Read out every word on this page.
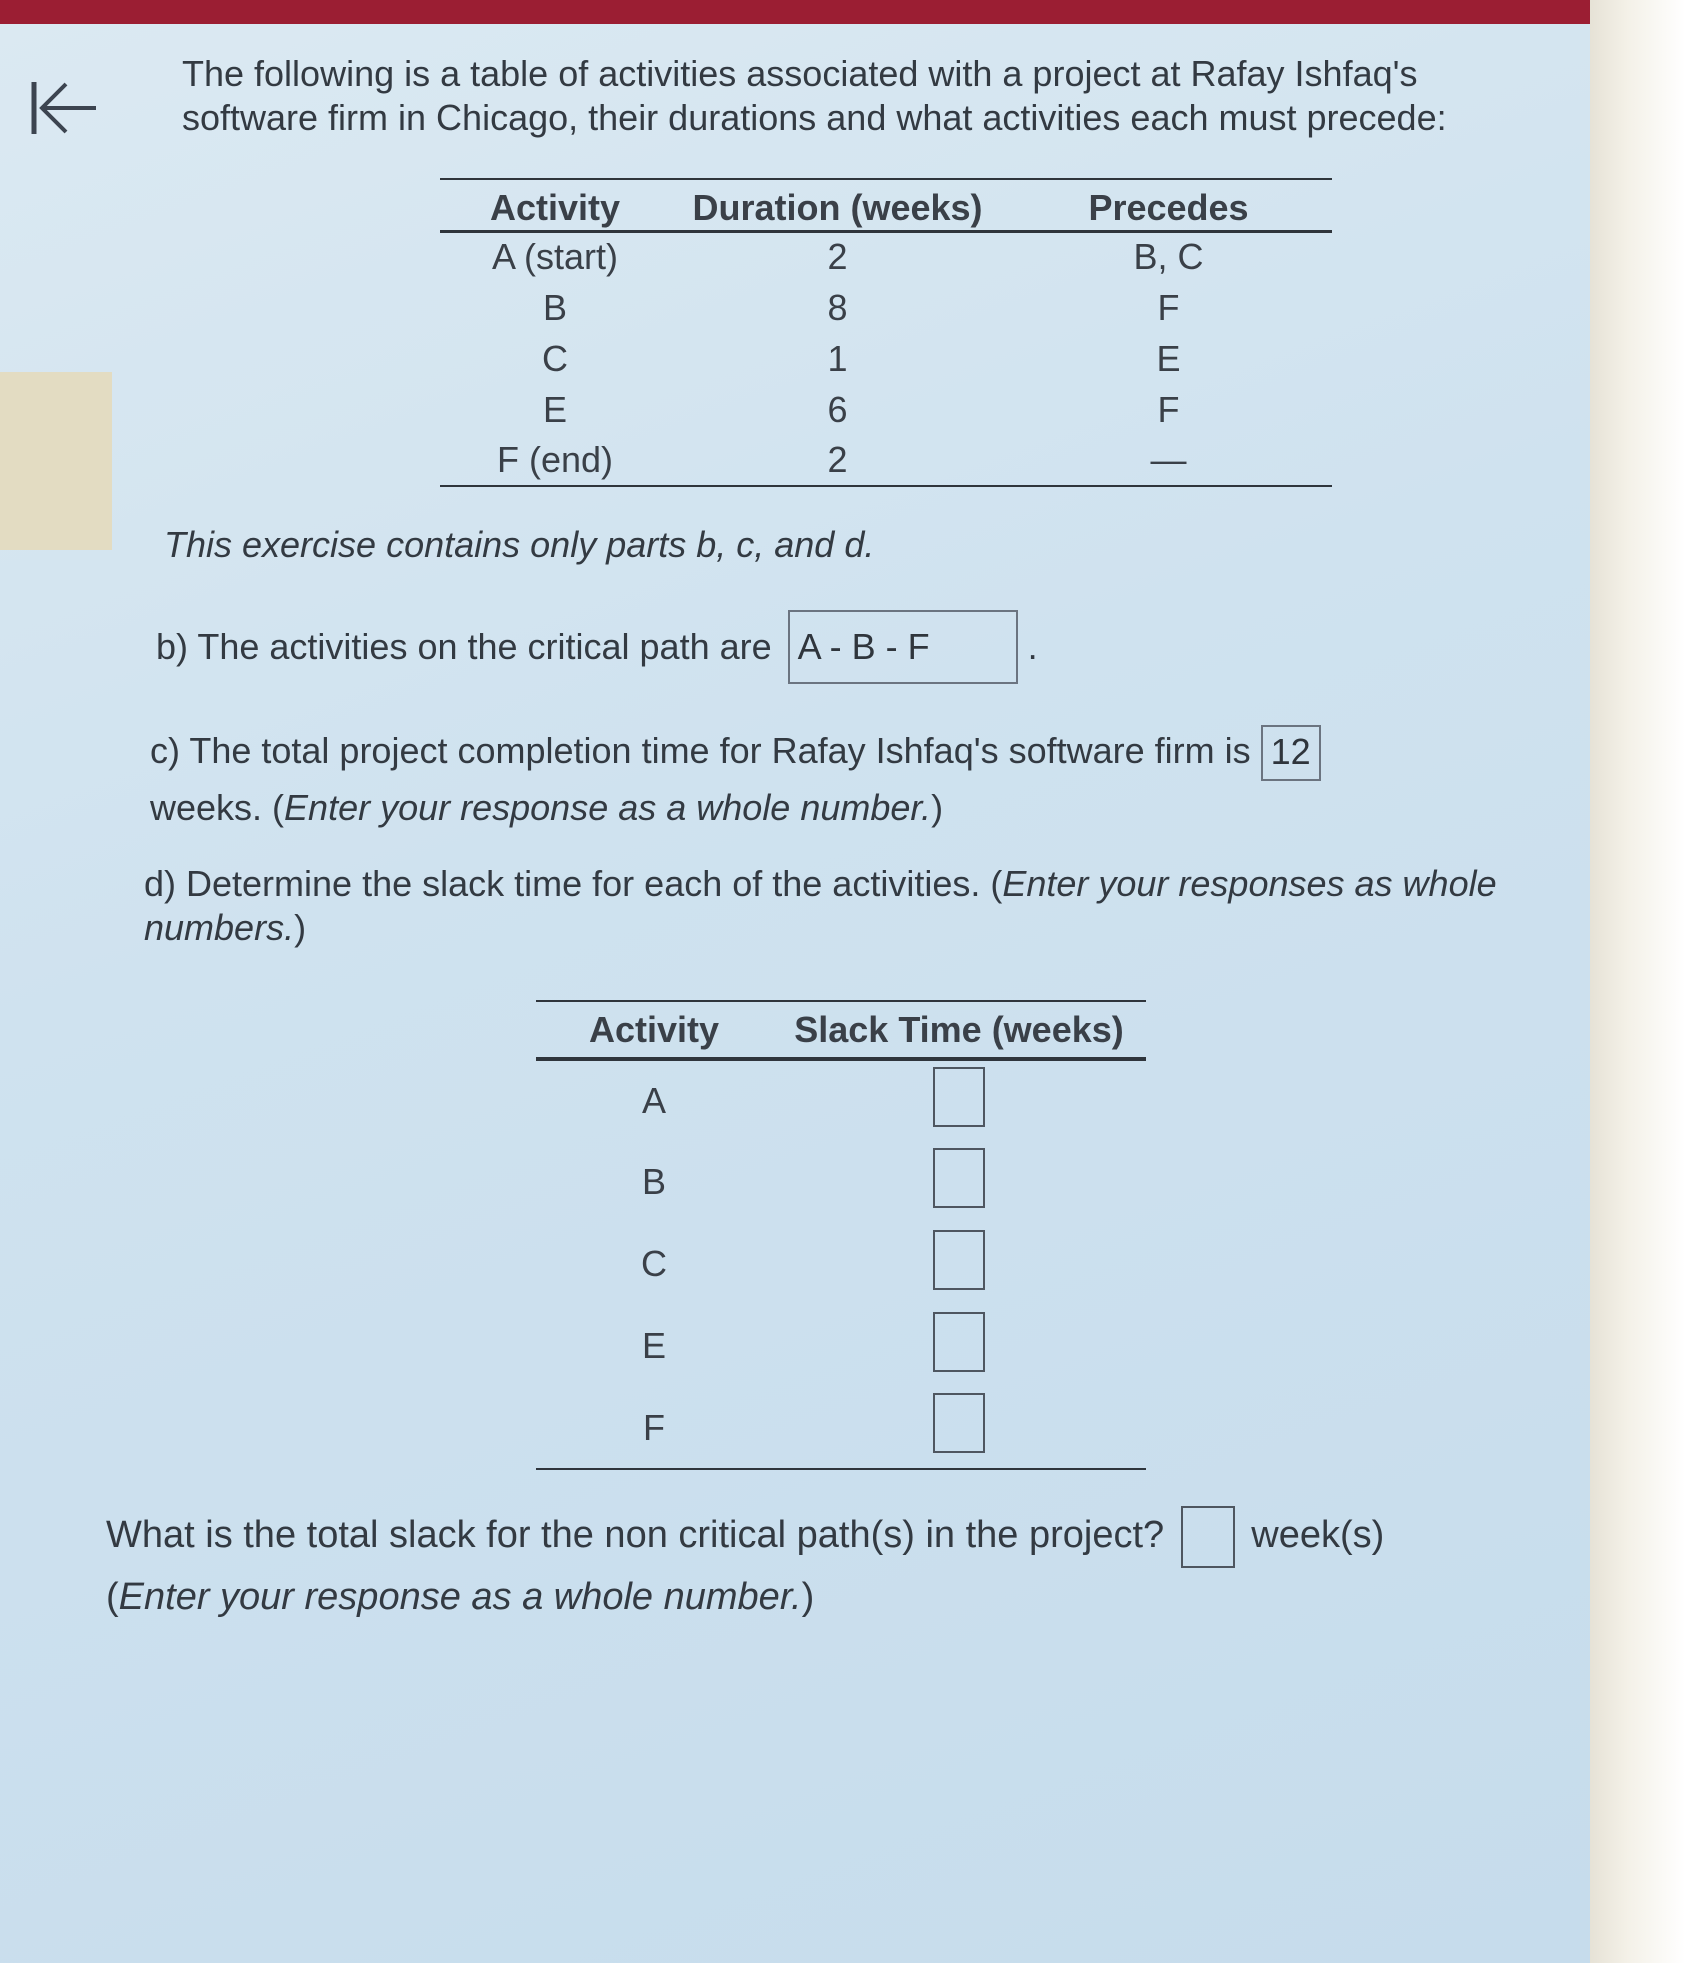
The following is a table of activities associated with a project at Rafay Ishfaq's software firm in Chicago, their durations and what activities each must precede:
Activity	Duration (weeks)	Precedes
A (start)	2	B, C
B	8	F
C	1	E
E	6	F
F (end)	2	—
This exercise contains only parts b, c, and d.
b) The activities on the critical path are A - B - F	.
c) The total project completion time for Rafay Ishfaq's software firm is 12
weeks. (Enter your response as a whole number.)
d) Determine the slack time for each of the activities. (Enter your responses as whole numbers.)
Activity	Slack Time (weeks)
A	
B	
C	
E	
F	
What is the total slack for the non critical path(s) in the project? week(s)
(Enter your response as a whole number.)
